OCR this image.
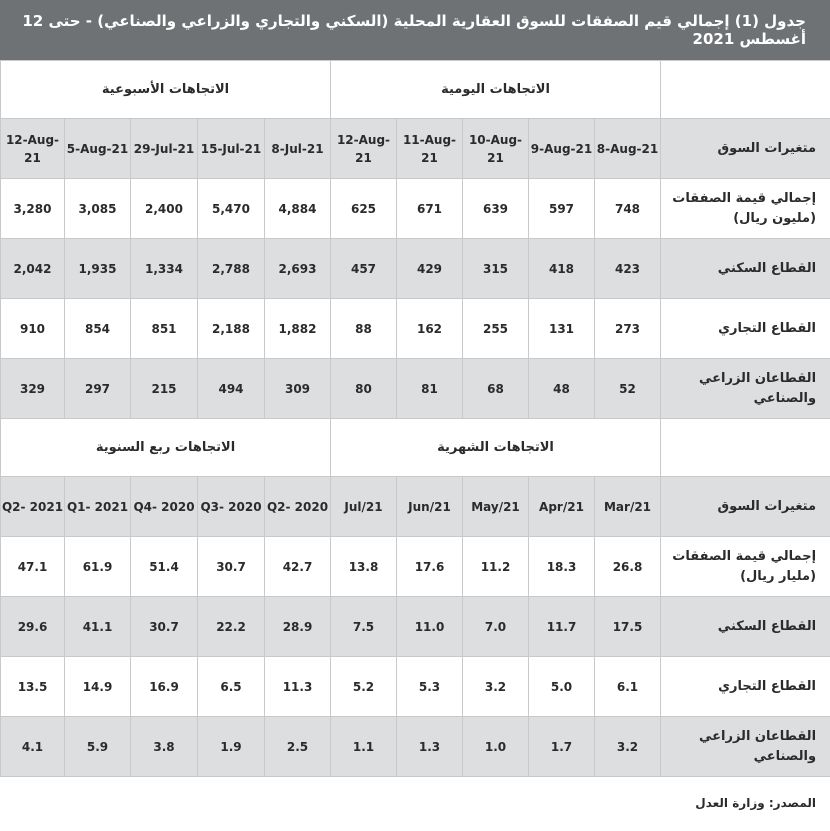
جدول (1) إجمالي قيم الصفقات للسوق العقارية المحلية (السكني والتجاري والزراعي والصناعي) - حتى 12 أغسطس 2021
الاتجاهات الأسبوعية					الاتجاهات اليومية					
12-Aug-21	5-Aug-21	29-Jul-21	15-Jul-21	8-Jul-21	12-Aug-21	11-Aug-21	10-Aug-21	9-Aug-21	8-Aug-21	متغيرات السوق
3,280	3,085	2,400	5,470	4,884	625	671	639	597	748	إجمالي قيمة الصفقات (مليون ريال)
2,042	1,935	1,334	2,788	2,693	457	429	315	418	423	القطاع السكني
910	854	851	2,188	1,882	88	162	255	131	273	القطاع التجاري
329	297	215	494	309	80	81	68	48	52	القطاعان الزراعي والصناعي
الاتجاهات ربع السنوية					الاتجاهات الشهرية					
Q2- 2021	Q1- 2021	Q4- 2020	Q3- 2020	Q2- 2020	Jul/21	Jun/21	May/21	Apr/21	Mar/21	متغيرات السوق
47.1	61.9	51.4	30.7	42.7	13.8	17.6	11.2	18.3	26.8	إجمالي قيمة الصفقات (مليار ريال)
29.6	41.1	30.7	22.2	28.9	7.5	11.0	7.0	11.7	17.5	القطاع السكني
13.5	14.9	16.9	6.5	11.3	5.2	5.3	3.2	5.0	6.1	القطاع التجاري
4.1	5.9	3.8	1.9	2.5	1.1	1.3	1.0	1.7	3.2	القطاعان الزراعي والصناعي
المصدر: وزارة العدل
